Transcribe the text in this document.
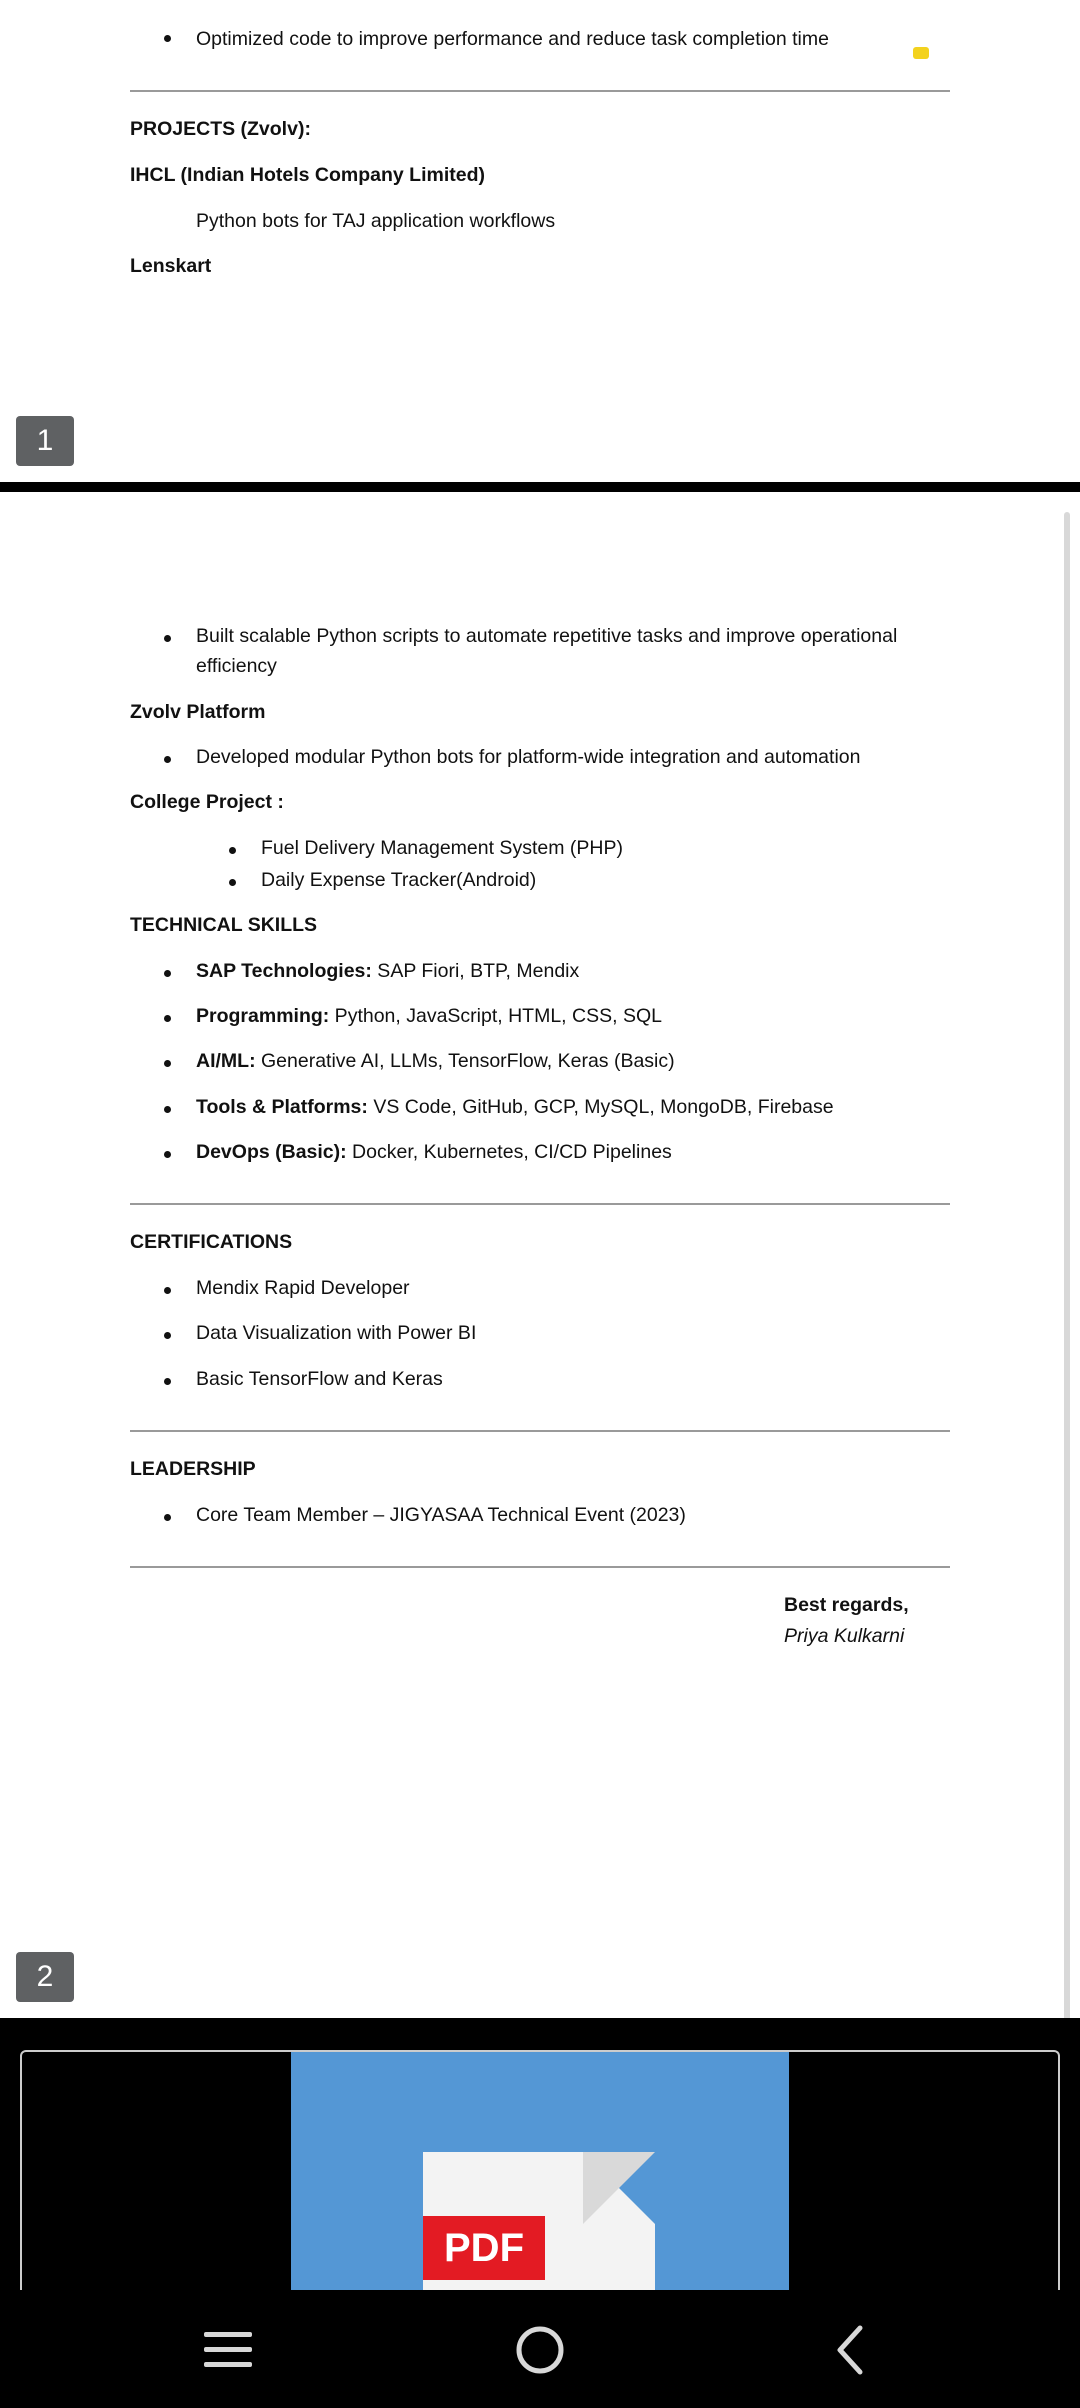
Optimized code to improve performance and reduce task completion time
PROJECTS (Zvolv):
IHCL (Indian Hotels Company Limited)
Python bots for TAJ application workflows
Lenskart
1
Built scalable Python scripts to automate repetitive tasks and improve operational
efficiency
Zvolv Platform
Developed modular Python bots for platform-wide integration and automation
College Project :
Fuel Delivery Management System (PHP)
Daily Expense Tracker(Android)
TECHNICAL SKILLS
SAP Technologies: SAP Fiori, BTP, Mendix
Programming: Python, JavaScript, HTML, CSS, SQL
AI/ML: Generative AI, LLMs, TensorFlow, Keras (Basic)
Tools & Platforms: VS Code, GitHub, GCP, MySQL, MongoDB, Firebase
DevOps (Basic): Docker, Kubernetes, CI/CD Pipelines
CERTIFICATIONS
Mendix Rapid Developer
Data Visualization with Power BI
Basic TensorFlow and Keras
LEADERSHIP
Core Team Member – JIGYASAA Technical Event (2023)
Best regards,
Priya Kulkarni
2
PDF
